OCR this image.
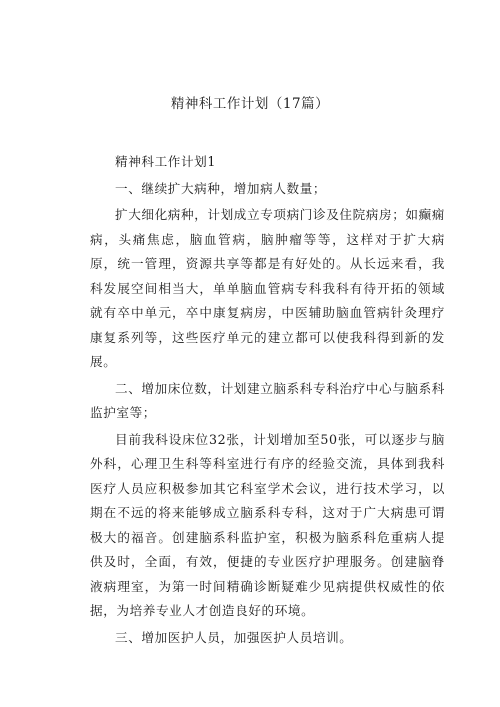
精神科工作计划（17篇）

精神科工作计划1

一、继续扩大病种，增加病人数量；

扩大细化病种，计划成立专项病门诊及住院病房；如癫痫病，头痛焦虑，脑血管病，脑肿瘤等等，这样对于扩大病原，统一管理，资源共享等都是有好处的。从长远来看，我科发展空间相当大，单单脑血管病专科我科有待开拓的领域就有卒中单元，卒中康复病房，中医辅助脑血管病针灸理疗康复系列等，这些医疗单元的建立都可以使我科得到新的发展。

二、增加床位数，计划建立脑系科专科治疗中心与脑系科监护室等；

目前我科设床位32张，计划增加至50张，可以逐步与脑外科，心理卫生科等科室进行有序的经验交流，具体到我科医疗人员应积极参加其它科室学术会议，进行技术学习，以期在不远的将来能够成立脑系科专科，这对于广大病患可谓极大的福音。创建脑系科监护室，积极为脑系科危重病人提供及时，全面，有效，便捷的专业医疗护理服务。创建脑脊液病理室，为第一时间精确诊断疑难少见病提供权威性的依据，为培养专业人才创造良好的环境。

三、增加医护人员，加强医护人员培训。
